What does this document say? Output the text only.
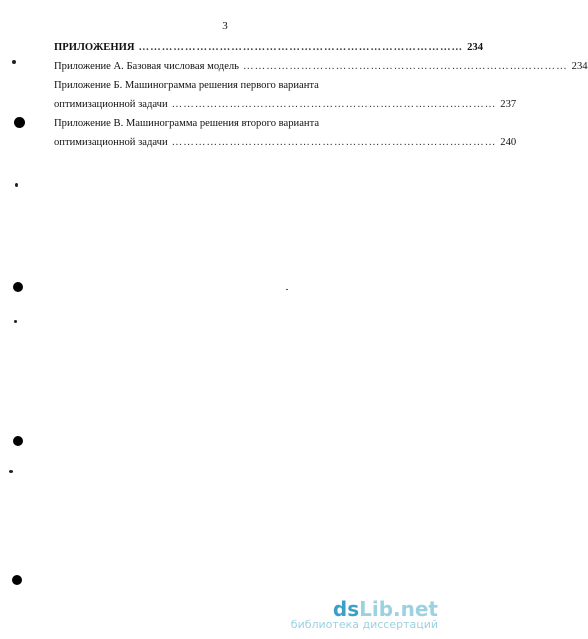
3
ПРИЛОЖЕНИЯ ………………………………………………………………………… 234
Приложение А. Базовая числовая модель ………………………………………………………………………… 234
Приложение Б. Машинограмма решения первого варианта
оптимизационной задачи ………………………………………………………………………… 237
Приложение В. Машинограмма решения второго варианта
оптимизационной задачи ………………………………………………………………………… 240
dsLib.net
библиотека диссертаций
